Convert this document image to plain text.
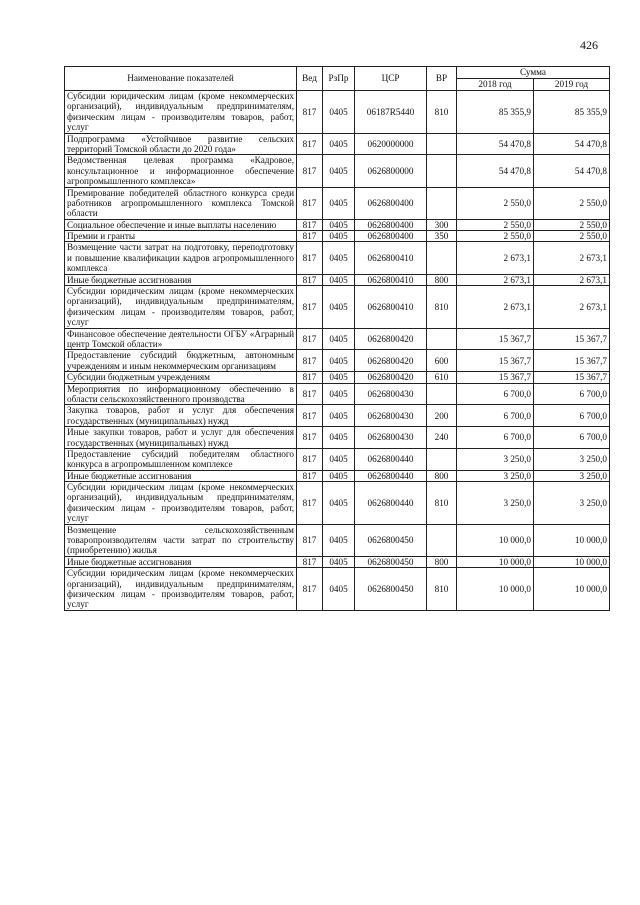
426
Наименование показателей	Вед	РзПр	ЦСР	ВР	Сумма	
					2018 год	2019 год
Субсидии юридическим лицам (кроме некоммерческих организаций), индивидуальным предпринимателям, физическим лицам - производителям товаров, работ, услуг	817	0405	06187R5440	810	85 355,9	85 355,9
Подпрограмма «Устойчивое развитие сельских территорий Томской области до 2020 года»	817	0405	0620000000		54 470,8	54 470,8
Ведомственная целевая программа «Кадровое, консультационное и информационное обеспечение агропромышленного комплекса»	817	0405	0626800000		54 470,8	54 470,8
Премирование победителей областного конкурса среди работников агропромышленного комплекса Томской области	817	0405	0626800400		2 550,0	2 550,0
Социальное обеспечение и иные выплаты населению	817	0405	0626800400	300	2 550,0	2 550,0
Премии и гранты	817	0405	0626800400	350	2 550,0	2 550,0
Возмещение части затрат на подготовку, переподготовку и повышение квалификации кадров агропромышленного комплекса	817	0405	0626800410		2 673,1	2 673,1
Иные бюджетные ассигнования	817	0405	0626800410	800	2 673,1	2 673,1
Субсидии юридическим лицам (кроме некоммерческих организаций), индивидуальным предпринимателям, физическим лицам - производителям товаров, работ, услуг	817	0405	0626800410	810	2 673,1	2 673,1
Финансовое обеспечение деятельности ОГБУ «Аграрный центр Томской области»	817	0405	0626800420		15 367,7	15 367,7
Предоставление субсидий бюджетным, автономным учреждениям и иным некоммерческим организациям	817	0405	0626800420	600	15 367,7	15 367,7
Субсидии бюджетным учреждениям	817	0405	0626800420	610	15 367,7	15 367,7
Мероприятия по информационному обеспечению в области сельскохозяйственного производства	817	0405	0626800430		6 700,0	6 700,0
Закупка товаров, работ и услуг для обеспечения государственных (муниципальных) нужд	817	0405	0626800430	200	6 700,0	6 700,0
Иные закупки товаров, работ и услуг для обеспечения государственных (муниципальных) нужд	817	0405	0626800430	240	6 700,0	6 700,0
Предоставление субсидий победителям областного конкурса в агропромышленном комплексе	817	0405	0626800440		3 250,0	3 250,0
Иные бюджетные ассигнования	817	0405	0626800440	800	3 250,0	3 250,0
Субсидии юридическим лицам (кроме некоммерческих организаций), индивидуальным предпринимателям, физическим лицам - производителям товаров, работ, услуг	817	0405	0626800440	810	3 250,0	3 250,0
Возмещение сельскохозяйственным товаропроизводителям части затрат по строительству (приобретению) жилья	817	0405	0626800450		10 000,0	10 000,0
Иные бюджетные ассигнования	817	0405	0626800450	800	10 000,0	10 000,0
Субсидии юридическим лицам (кроме некоммерческих организаций), индивидуальным предпринимателям, физическим лицам - производителям товаров, работ, услуг	817	0405	0626800450	810	10 000,0	10 000,0
